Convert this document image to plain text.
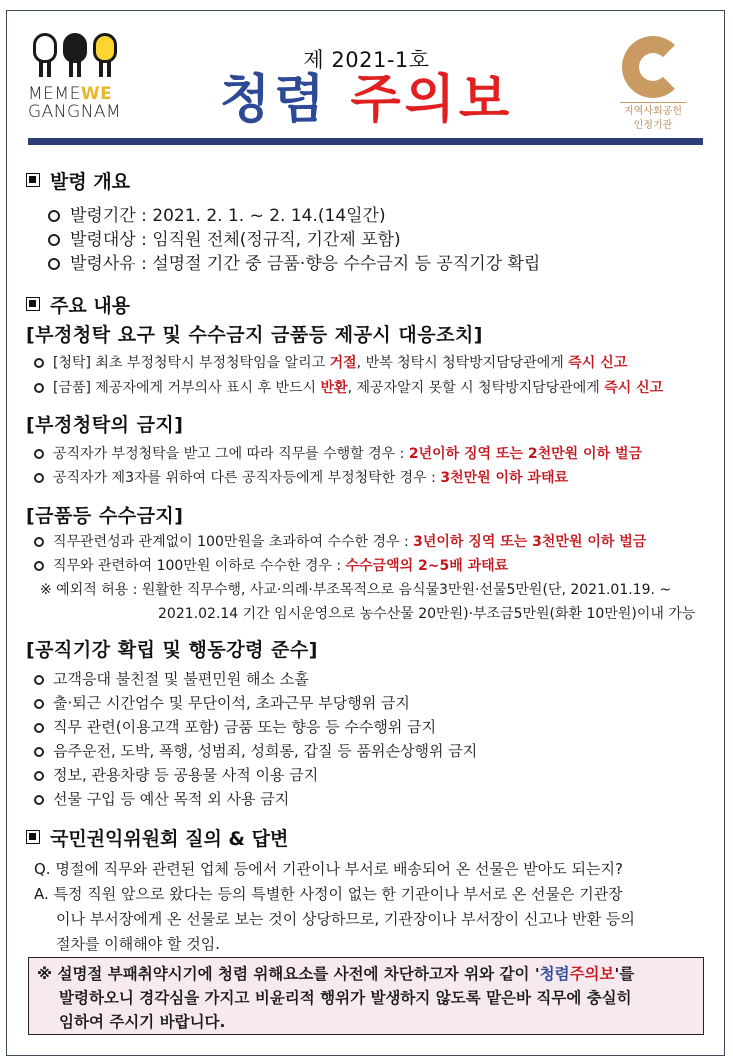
MEMEWE
GANGNAM
제 2021-1호
청렴 주의보	지역사회공헌
인정기관
발령 개요
발령기간 : 2021. 2. 1. ~ 2. 14.(14일간)
발령대상 : 임직원 전체(정규직, 기간제 포함)
발령사유 : 설명절 기간 중 금품·향응 수수금지 등 공직기강 확립
주요 내용
[부정청탁 요구 및 수수금지 금품등 제공시 대응조치]
[청탁] 최초 부정청탁시 부정청탁임을 알리고 거절, 반복 청탁시 청탁방지담당관에게 즉시 신고
[금품] 제공자에게 거부의사 표시 후 반드시 반환, 제공자알지 못할 시 청탁방지담당관에게 즉시 신고
[부정청탁의 금지]
공직자가 부정청탁을 받고 그에 따라 직무를 수행할 경우 : 2년이하 징역 또는 2천만원 이하 벌금
공직자가 제3자를 위하여 다른 공직자등에게 부정청탁한 경우 : 3천만원 이하 과태료
[금품등 수수금지]
직무관련성과 관계없이 100만원을 초과하여 수수한 경우 : 3년이하 징역 또는 3천만원 이하 벌금
직무와 관련하여 100만원 이하로 수수한 경우 : 수수금액의 2~5배 과태료
※ 예외적 허용 : 원활한 직무수행, 사교·의례·부조목적으로 음식물3만원·선물5만원(단, 2021.01.19. ~
2021.02.14 기간 임시운영으로 농수산물 20만원)·부조금5만원(화환 10만원)이내 가능
[공직기강 확립 및 행동강령 준수]
고객응대 불친절 및 불편민원 해소 소홀
출·퇴근 시간엄수 및 무단이석, 초과근무 부당행위 금지
직무 관련(이용고객 포함) 금품 또는 향응 등 수수행위 금지
음주운전, 도박, 폭행, 성범죄, 성희롱, 갑질 등 품위손상행위 금지
정보, 관용차량 등 공용물 사적 이용 금지
선물 구입 등 예산 목적 외 사용 금지
국민권익위원회 질의 & 답변
Q. 명절에 직무와 관련된 업체 등에서 기관이나 부서로 배송되어 온 선물은 받아도 되는지?
A. 특정 직원 앞으로 왔다는 등의 특별한 사정이 없는 한 기관이나 부서로 온 선물은 기관장
이나 부서장에게 온 선물로 보는 것이 상당하므로, 기관장이나 부서장이 신고나 반환 등의
절차를 이해해야 할 것임.
※ 설명절 부패취약시기에 청렴 위해요소를 사전에 차단하고자 위와 같이 '청렴주의보'를
발령하오니 경각심을 가지고 비윤리적 행위가 발생하지 않도록 맡은바 직무에 충실히
임하여 주시기 바랍니다.
